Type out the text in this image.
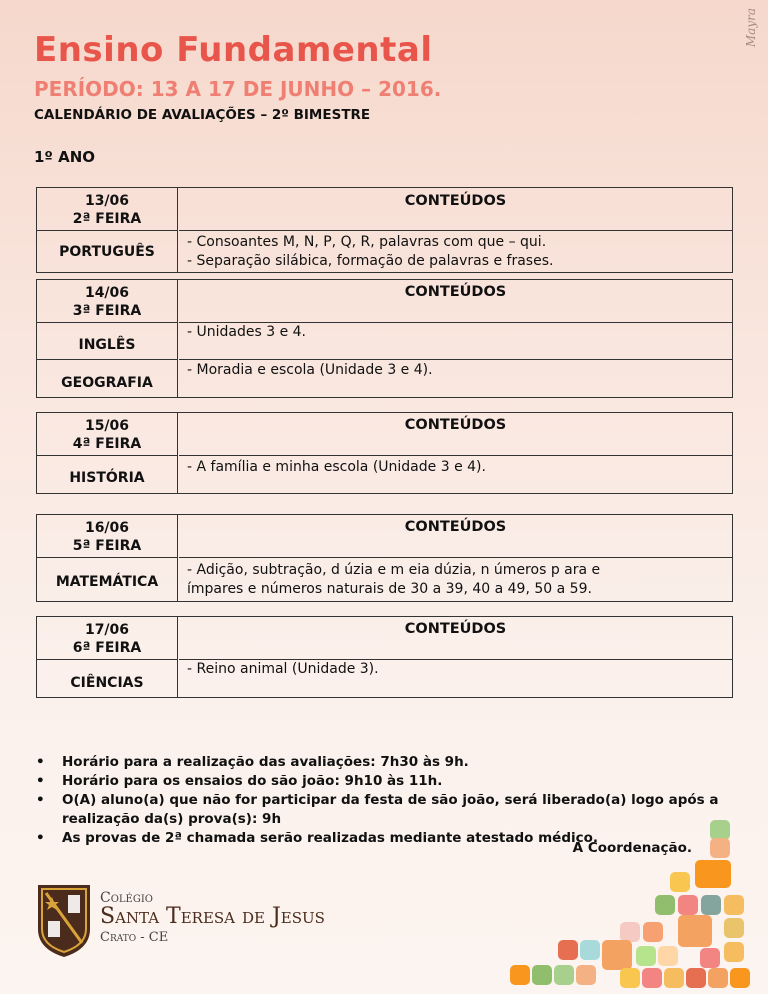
Mayra
Ensino Fundamental
PERÍODO: 13 A 17 DE JUNHO – 2016.
CALENDÁRIO DE AVALIAÇÕES – 2º BIMESTRE
1º ANO
13/06
2ª FEIRA
PORTUGUÊS
CONTEÚDOS
- Consoantes M, N, P, Q, R, palavras com que – qui.
- Separação silábica, formação de palavras e frases.
14/06
3ª FEIRA
INGLÊS
GEOGRAFIA
CONTEÚDOS
- Unidades 3 e 4.
- Moradia e escola (Unidade 3 e 4).
15/06
4ª FEIRA
HISTÓRIA
CONTEÚDOS
- A família e minha escola (Unidade 3 e 4).
16/06
5ª FEIRA
MATEMÁTICA
CONTEÚDOS
- Adição, subtração, d úzia e m eia dúzia, n úmeros p ara e
ímpares e números naturais de 30 a 39, 40 a 49, 50 a 59.
17/06
6ª FEIRA
CIÊNCIAS
CONTEÚDOS
- Reino animal (Unidade 3).
• Horário para a realização das avaliações: 7h30 às 9h.
• Horário para os ensaios do são joão: 9h10 às 11h.
• O(A) aluno(a) que não for participar da festa de são joão, será liberado(a) logo após a realização da(s) prova(s): 9h
• As provas de 2ª chamada serão realizadas mediante atestado médico.
A Coordenação.
Colégio
Santa Teresa de Jesus
Crato - CE
